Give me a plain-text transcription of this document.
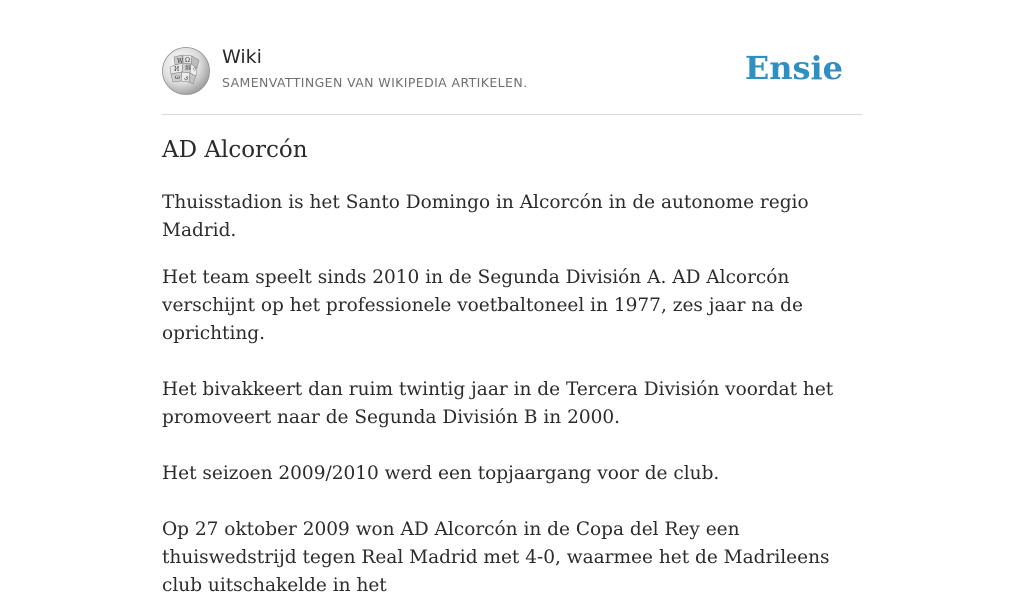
W Ω
И 維 ウ
ω ي
Wiki
SAMENVATTINGEN VAN WIKIPEDIA ARTIKELEN.	Ensie
AD Alcorcón

Thuisstadion is het Santo Domingo in Alcorcón in de autonome regio Madrid.

Het team speelt sinds 2010 in de Segunda División A. AD Alcorcón verschijnt op het professionele voetbaltoneel in 1977, zes jaar na de oprichting.

Het bivakkeert dan ruim twintig jaar in de Tercera División voordat het promoveert naar de Segunda División B in 2000.

Het seizoen 2009/2010 werd een topjaargang voor de club.

Op 27 oktober 2009 won AD Alcorcón in de Copa del Rey een thuiswedstrijd tegen Real Madrid met 4-0, waarmee het de Madrileens club uitschakelde in het
